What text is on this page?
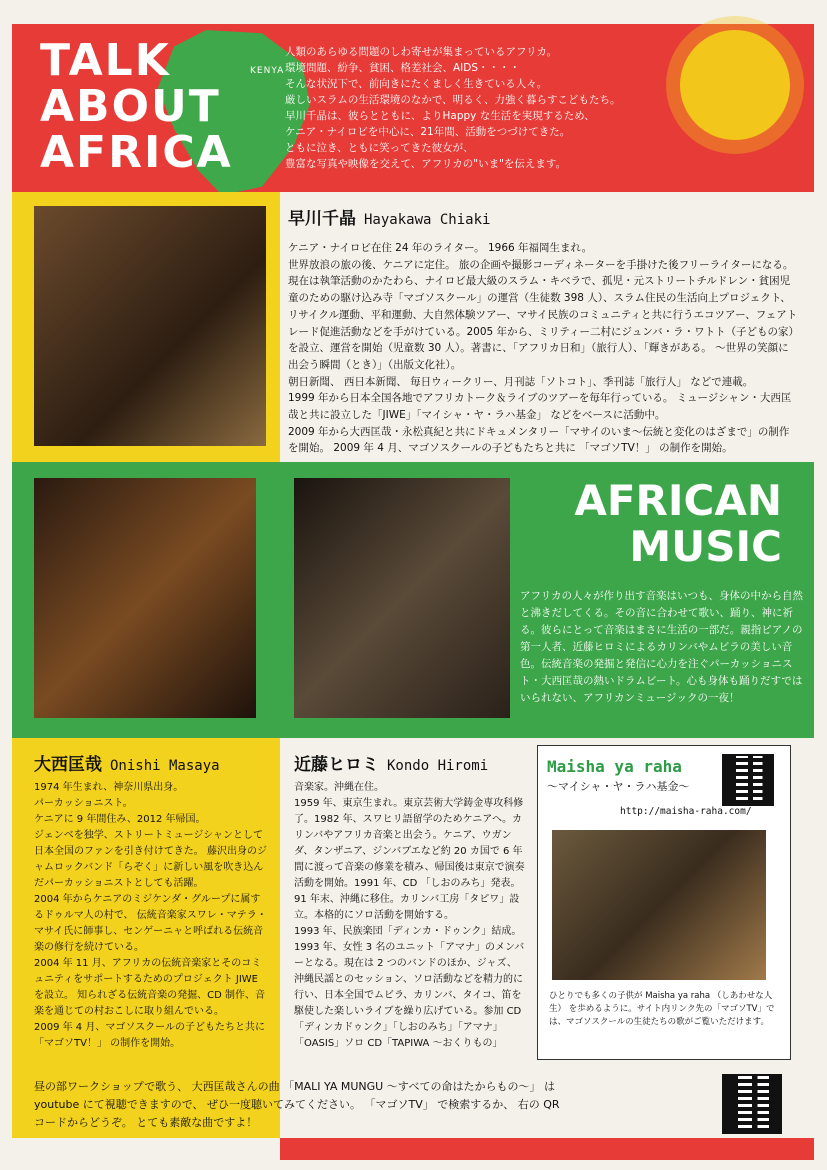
TALK
ABOUT
AFRICA
KENYA
人類のあらゆる問題のしわ寄せが集まっているアフリカ。
環境問題、紛争、貧困、格差社会、AIDS・・・・
そんな状況下で、前向きにたくましく生きている人々。
厳しいスラムの生活環境のなかで、明るく、力強く暮らすこどもたち。
早川千晶は、彼らとともに、よりHappy な生活を実現するため、
ケニア・ナイロビを中心に、21年間、活動をつづけてきた。
ともに泣き、ともに笑ってきた彼女が、
豊富な写真や映像を交えて、アフリカの"いま"を伝えます。
早川千晶 Hayakawa Chiaki

ケニア・ナイロビ在住 24 年のライター。 1966 年福岡生まれ。

世界放浪の旅の後、ケニアに定住。 旅の企画や撮影コーディネーターを手掛けた後フリーライターになる。 現在は執筆活動のかたわら、ナイロビ最大級のスラム・キベラで、孤児・元ストリートチルドレン・貧困児童のための駆け込み寺「マゴソスクール」の運営（生徒数 398 人）、スラム住民の生活向上プロジェクト、リサイクル運動、平和運動、大自然体験ツアー、マサイ民族のコミュニティと共に行うエコツアー、フェアトレード促進活動などを手がけている。2005 年から、ミリティー二村にジュンバ・ラ・ワトト（子どもの家）を設立、運営を開始（児童数 30 人）。著書に、「アフリカ日和」（旅行人）、「輝きがある。 ～世界の笑顔に出会う瞬間（とき）」（出版文化社）。

朝日新聞、 西日本新聞、 毎日ウィークリー、月刊誌「ソトコト」、季刊誌「旅行人」 などで連載。

1999 年から日本全国各地でアフリカトーク＆ライブのツアーを毎年行っている。 ミュージシャン・大西匡哉と共に設立した「JIWE」「マイシャ・ヤ・ラハ基金」 などをベースに活動中。

2009 年から大西匡哉・永松真紀と共にドキュメンタリー「マサイのいま～伝統と変化のはざまで」の制作を開始。 2009 年 4 月、マゴソスクールの子どもたちと共に 「マゴソTV！」 の制作を開始。

AFRICAN
MUSIC
アフリカの人々が作り出す音楽はいつも、身体の中から自然と沸きだしてくる。その音に合わせて歌い、踊り、神に祈る。彼らにとって音楽はまさに生活の一部だ。親指ピアノの第一人者、近藤ヒロミによるカリンバやムビラの美しい音色。伝統音楽の発掘と発信に心力を注ぐパーカッショニスト・大西匡哉の熱いドラムビート。心も身体も踊りだすではいられない、アフリカンミュージックの一夜！
大西匡哉 Onishi Masaya

1974 年生まれ、神奈川県出身。

パーカッショニスト。

ケニアに 9 年間住み、2012 年帰国。

ジェンベを独学、ストリートミュージシャンとして日本全国のファンを引き付けてきた。 藤沢出身のジャムロックバンド「らぞく」に新しい風を吹き込んだパーカッショニストとしても活躍。

2004 年からケニアのミジケンダ・グループに属するドゥルマ人の村で、 伝統音楽家スワレ・マテラ・マサイ氏に師事し、センゲーニャと呼ばれる伝統音楽の修行を続けている。

2004 年 11 月、アフリカの伝統音楽家とそのコミュニティをサポートするためのプロジェクト JIWE を設立。 知られざる伝統音楽の発掘、CD 制作、音楽を通じての村おこしに取り組んでいる。

2009 年 4 月、マゴソスクールの子どもたちと共に 「マゴソTV！」 の制作を開始。

近藤ヒロミ Kondo Hiromi

音楽家。沖縄在住。

1959 年、東京生まれ。東京芸術大学鋳金専攻科修了。1982 年、スワヒリ語留学のためケニアへ。カリンバやアフリカ音楽と出会う。ケニア、ウガンダ、タンザニア、ジンバブエなど約 20 カ国で 6 年間に渡って音楽の修業を積み、帰国後は東京で演奏活動を開始。1991 年、CD 「しおのみち」発表。91 年末、沖縄に移住。カリンバ工房「タピワ」設立。本格的にソロ活動を開始する。

1993 年、民族楽団「ディンカ・ドゥンク」結成。1993 年、女性 3 名のユニット「アマナ」のメンバーとなる。現在は 2 つのバンドのほか、ジャズ、沖縄民謡とのセッション、ソロ活動などを精力的に行い、日本全国でムビラ、カリンバ、タイコ、笛を駆使した楽しいライブを繰り広げている。参加 CD「ディンカドゥンク」「しおのみち」「アマナ」「OASIS」ソロ CD「TAPIWA ～おくりもの」

Maisha ya raha
～マイシャ・ヤ・ラハ基金～
http://maisha-raha.com/
ひとりでも多くの子供が Maisha ya raha （しあわせな人生） を歩めるように。サイト内リンク先の「マゴソTV」では、マゴソスクールの生徒たちの歌がご覧いただけます。
昼の部ワークショップで歌う、 大西匡哉さんの曲 「MALI YA MUNGU ～すべての命はたからもの～」 は
youtube にて視聴できますので、 ぜひ一度聴いてみてください。 「マゴソTV」 で検索するか、 右の QR
コードからどうぞ。 とても素敵な曲ですよ！
